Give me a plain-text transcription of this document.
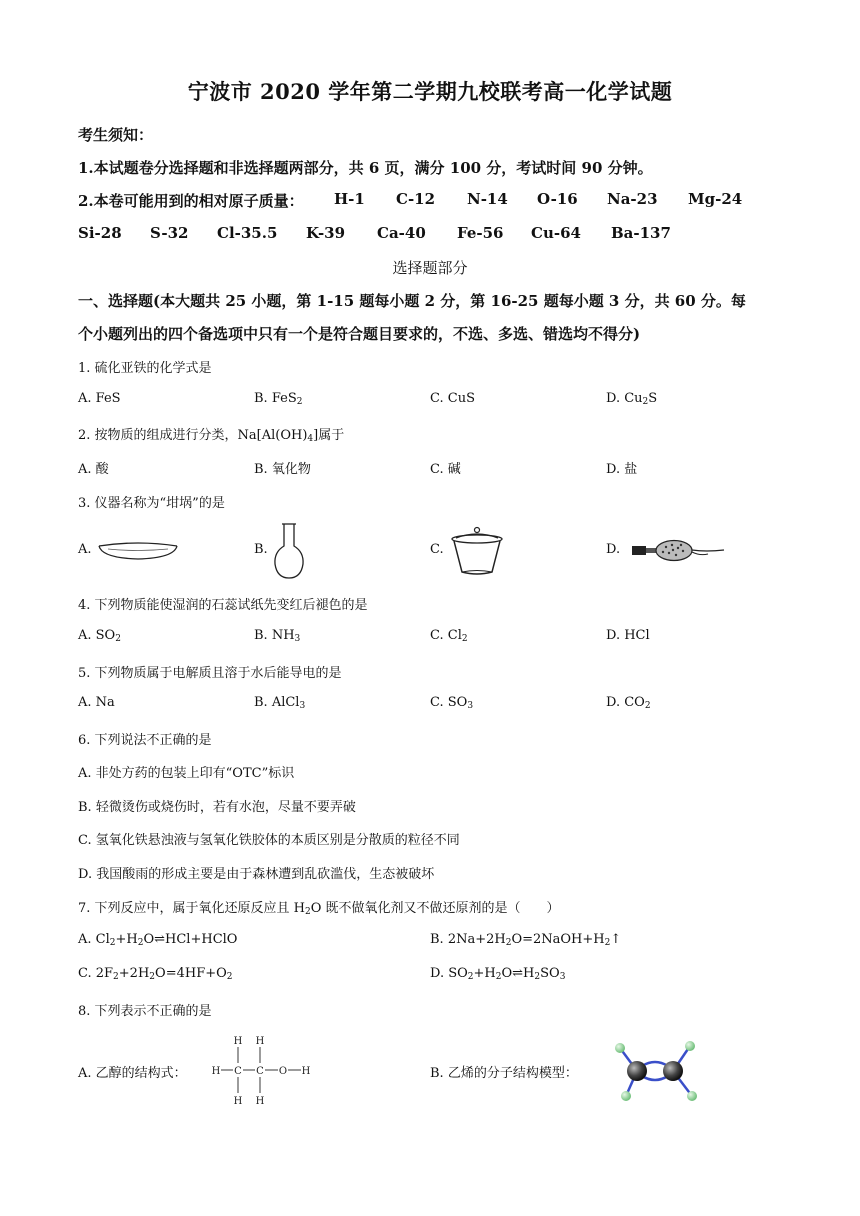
宁波市 2020 学年第二学期九校联考高一化学试题
考生须知：
1.本试题卷分选择题和非选择题两部分，共 6 页，满分 100 分，考试时间 90 分钟。
2.本卷可能用到的相对原子质量： H-1 C-12 N-14 O-16 Na-23 Mg-24
Si-28 S-32 Cl-35.5 K-39 Ca-40 Fe-56 Cu-64 Ba-137
选择题部分
一、选择题(本大题共 25 小题，第 1-15 题每小题 2 分，第 16-25 题每小题 3 分，共 60 分。每
个小题列出的四个备选项中只有一个是符合题目要求的，不选、多选、错选均不得分)
1. 硫化亚铁的化学式是
A. FeS	B. FeS$_2$	C. CuS	D. $Cu_2S$
2. 按物质的组成进行分类，$Na[Al(OH)_4]$属于
A. 酸	B. 氧化物	C. 碱	D. 盐
3. 仪器名称为“坩埚”的是
A.	B.	C.	D.
4. 下列物质能使湿润的石蕊试纸先变红后褪色的是
A. $SO_2$	B. $NH_3$	C. $Cl_2$	D. HCl
5. 下列物质属于电解质且溶于水后能导电的是
A. Na	B. AlCl$_3$	C. $SO_3$	D. $CO_2$
6. 下列说法不正确的是
A. 非处方药的包装上印有“OTC”标识
B. 轻微烫伤或烧伤时，若有水泡，尽量不要弄破
C. 氢氧化铁悬浊液与氢氧化铁胶体的本质区别是分散质的粒径不同
D. 我国酸雨的形成主要是由于森林遭到乱砍滥伐，生态被破坏
7. 下列反应中，属于氧化还原反应且 $H_2O$ 既不做氧化剂又不做还原剂的是（　　）
A. $Cl_2+H_2O\rightleftharpoons HCl+HClO$	B. $2Na+2H_2O=2NaOH+H_2↑$
C. $2F_2+2H_2O=4HF+O_2$	D. $SO_2+H_2O\rightleftharpoons H_2SO_3$
8. 下列表示不正确的是
A. 乙醇的结构式：	B. 乙烯的分子结构模型：
H H
H C C O H
H H
